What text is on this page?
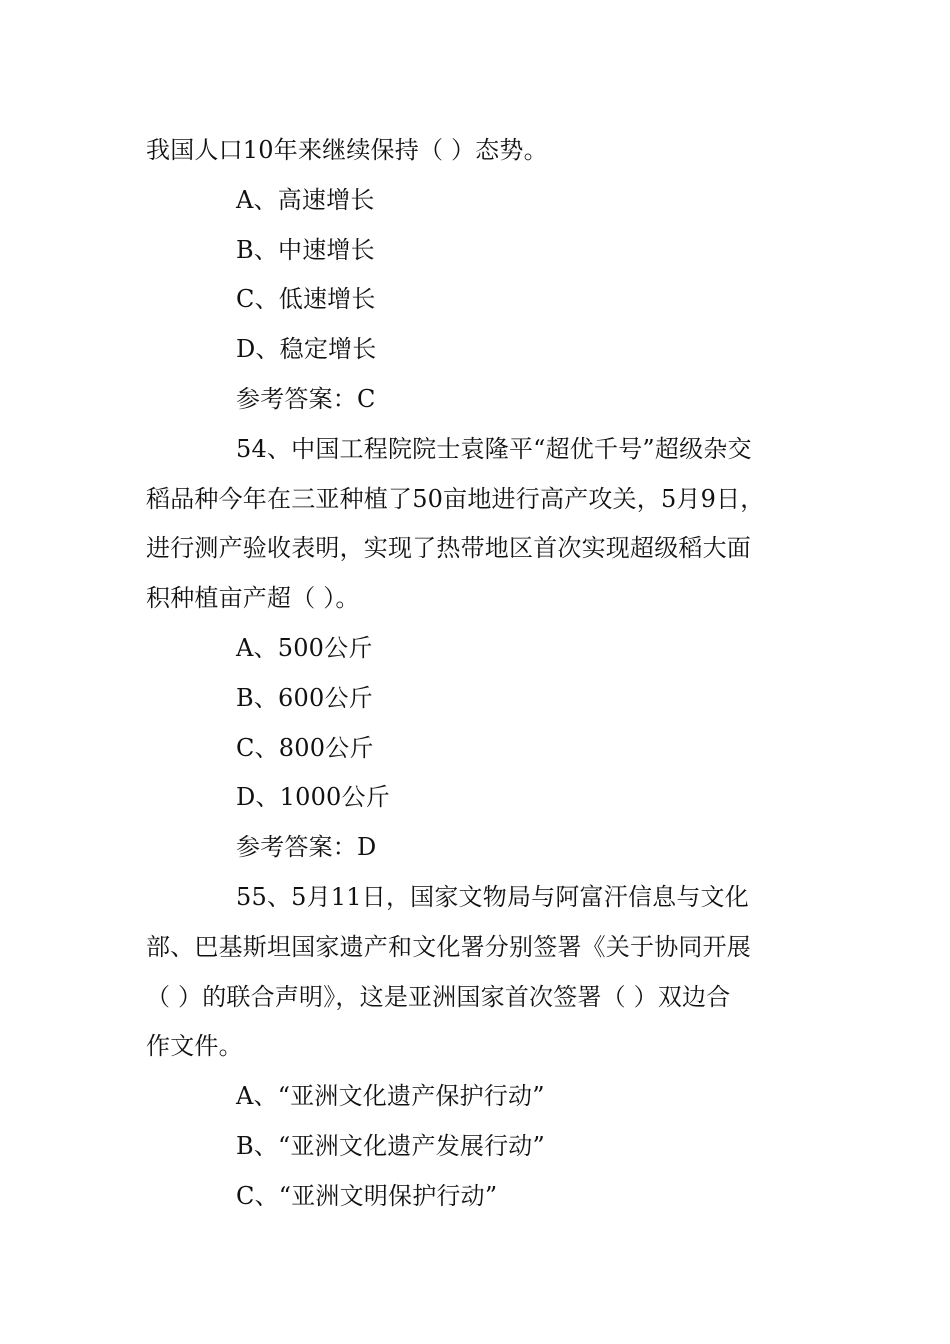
我国人口10年来继续保持（ ）态势。
A、高速增长
B、中速增长
C、低速增长
D、稳定增长
参考答案：C
54、中国工程院院士袁隆平“超优千号”超级杂交
稻品种今年在三亚种植了50亩地进行高产攻关，5月9日，
进行测产验收表明，实现了热带地区首次实现超级稻大面
积种植亩产超（ ）。
A、500公斤
B、600公斤
C、800公斤
D、1000公斤
参考答案：D
55、5月11日，国家文物局与阿富汗信息与文化
部、巴基斯坦国家遗产和文化署分别签署《关于协同开展
（ ）的联合声明》，这是亚洲国家首次签署（ ）双边合
作文件。
A、“亚洲文化遗产保护行动”
B、“亚洲文化遗产发展行动”
C、“亚洲文明保护行动”
